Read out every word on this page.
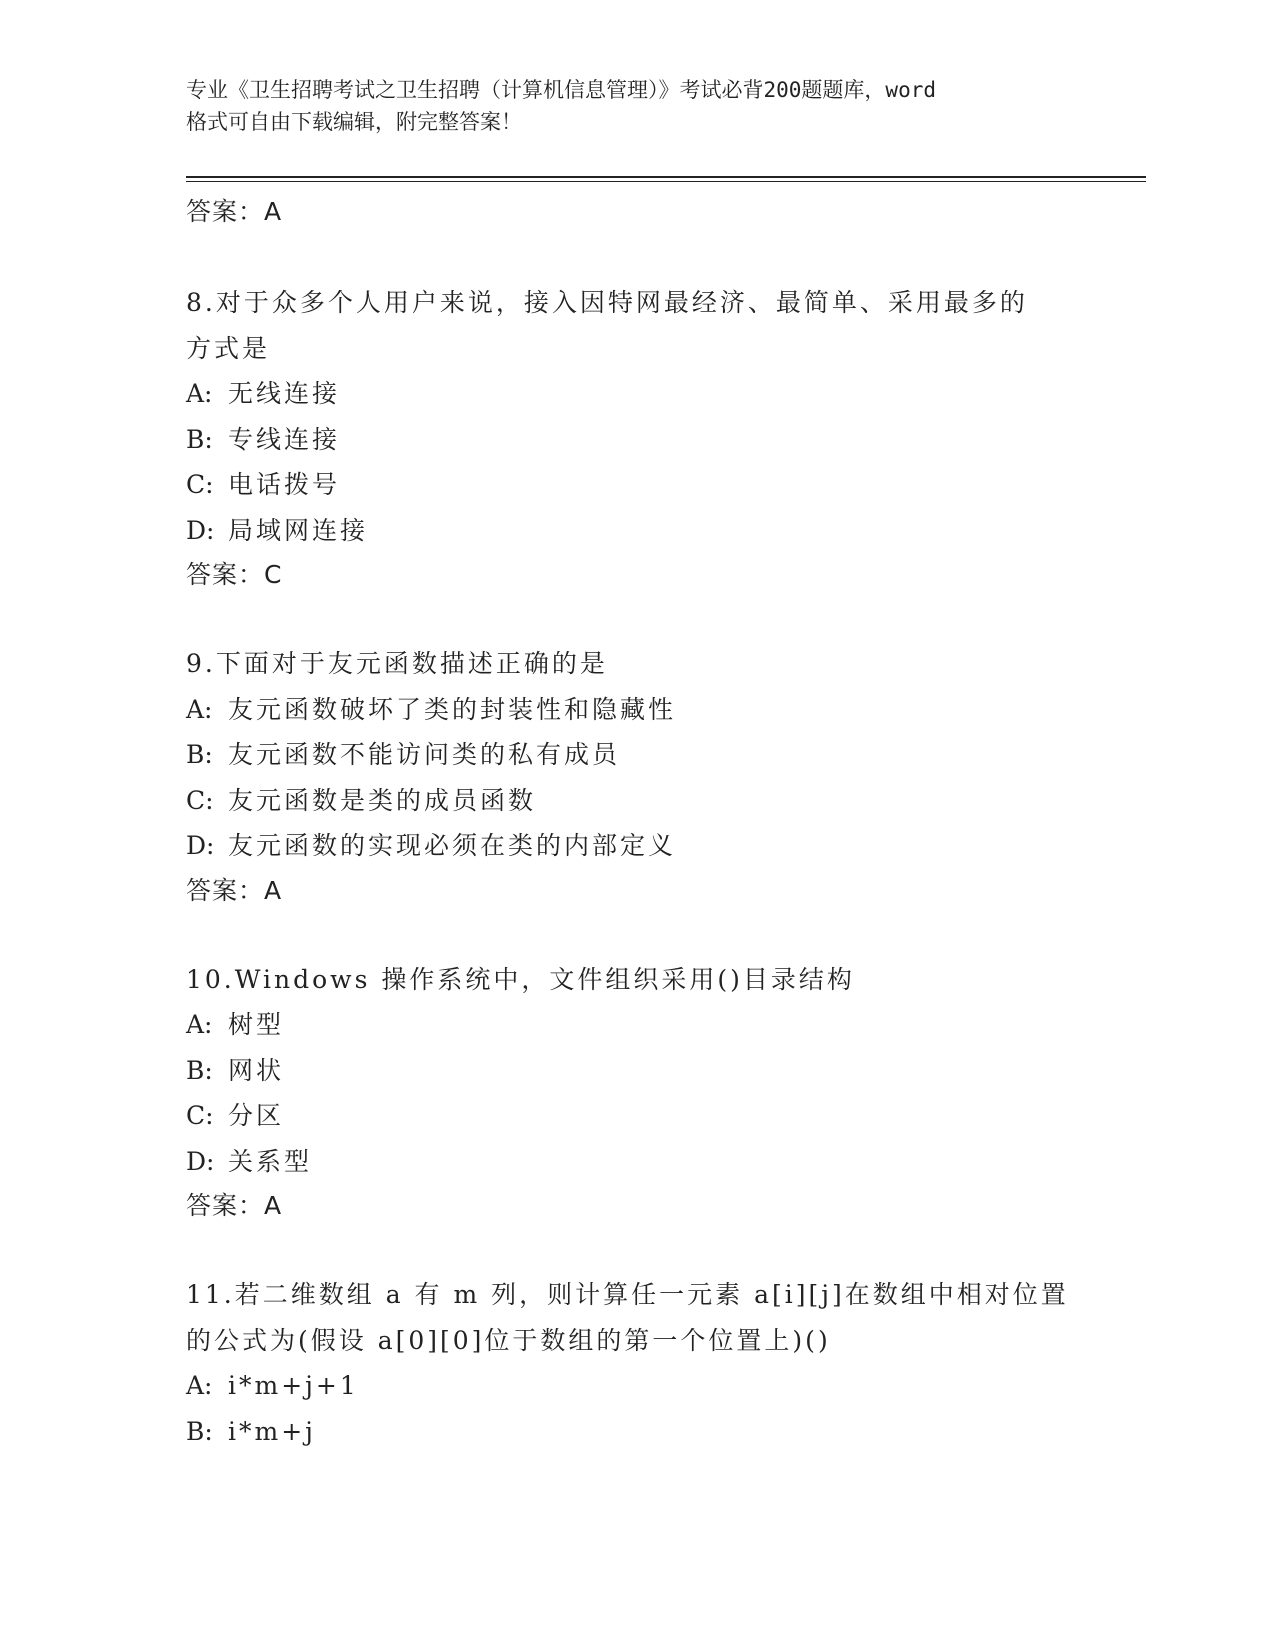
专业《卫生招聘考试之卫生招聘（计算机信息管理）》考试必背200题题库，word
格式可自由下载编辑，附完整答案！
答案：A
8.对于众多个人用户来说，接入因特网最经济、最简单、采用最多的
方式是
A: 无线连接
B: 专线连接
C: 电话拨号
D: 局域网连接
答案：C
9.下面对于友元函数描述正确的是
A: 友元函数破坏了类的封装性和隐藏性
B: 友元函数不能访问类的私有成员
C: 友元函数是类的成员函数
D: 友元函数的实现必须在类的内部定义
答案：A
10.Windows 操作系统中，文件组织采用()目录结构
A: 树型
B: 网状
C: 分区
D: 关系型
答案：A
11.若二维数组 a 有 m 列，则计算任一元素 a[i][j]在数组中相对位置
的公式为(假设 a[0][0]位于数组的第一个位置上)()
A: i*m+j+1
B: i*m+j
